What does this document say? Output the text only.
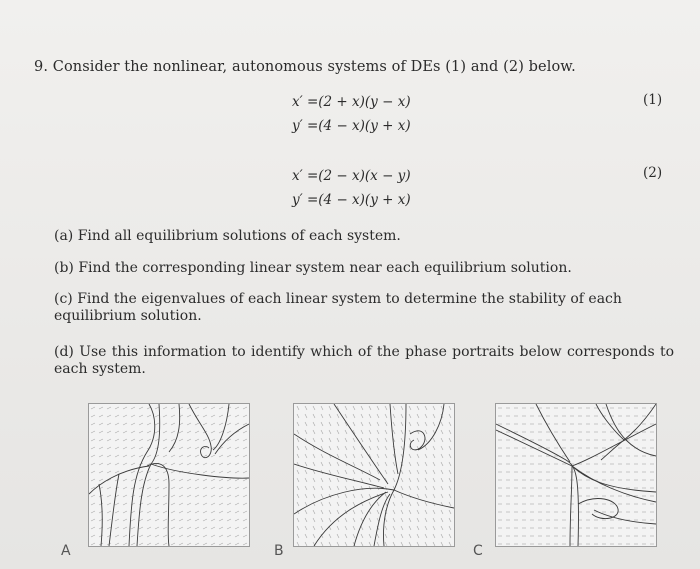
9. Consider the nonlinear, autonomous systems of DEs (1) and (2) below.
x′ =(2 + x)(y − x)
y′ =(4 − x)(y + x)
(1)
x′ =(2 − x)(x − y)
y′ =(4 − x)(y + x)
(2)
(a) Find all equilibrium solutions of each system.
(b) Find the corresponding linear system near each equilibrium solution.
(c) Find the eigenvalues of each linear system to determine the stability of each equilibrium solution.
(d) Use this information to identify which of the phase portraits below corresponds to each system.
A	B	C
